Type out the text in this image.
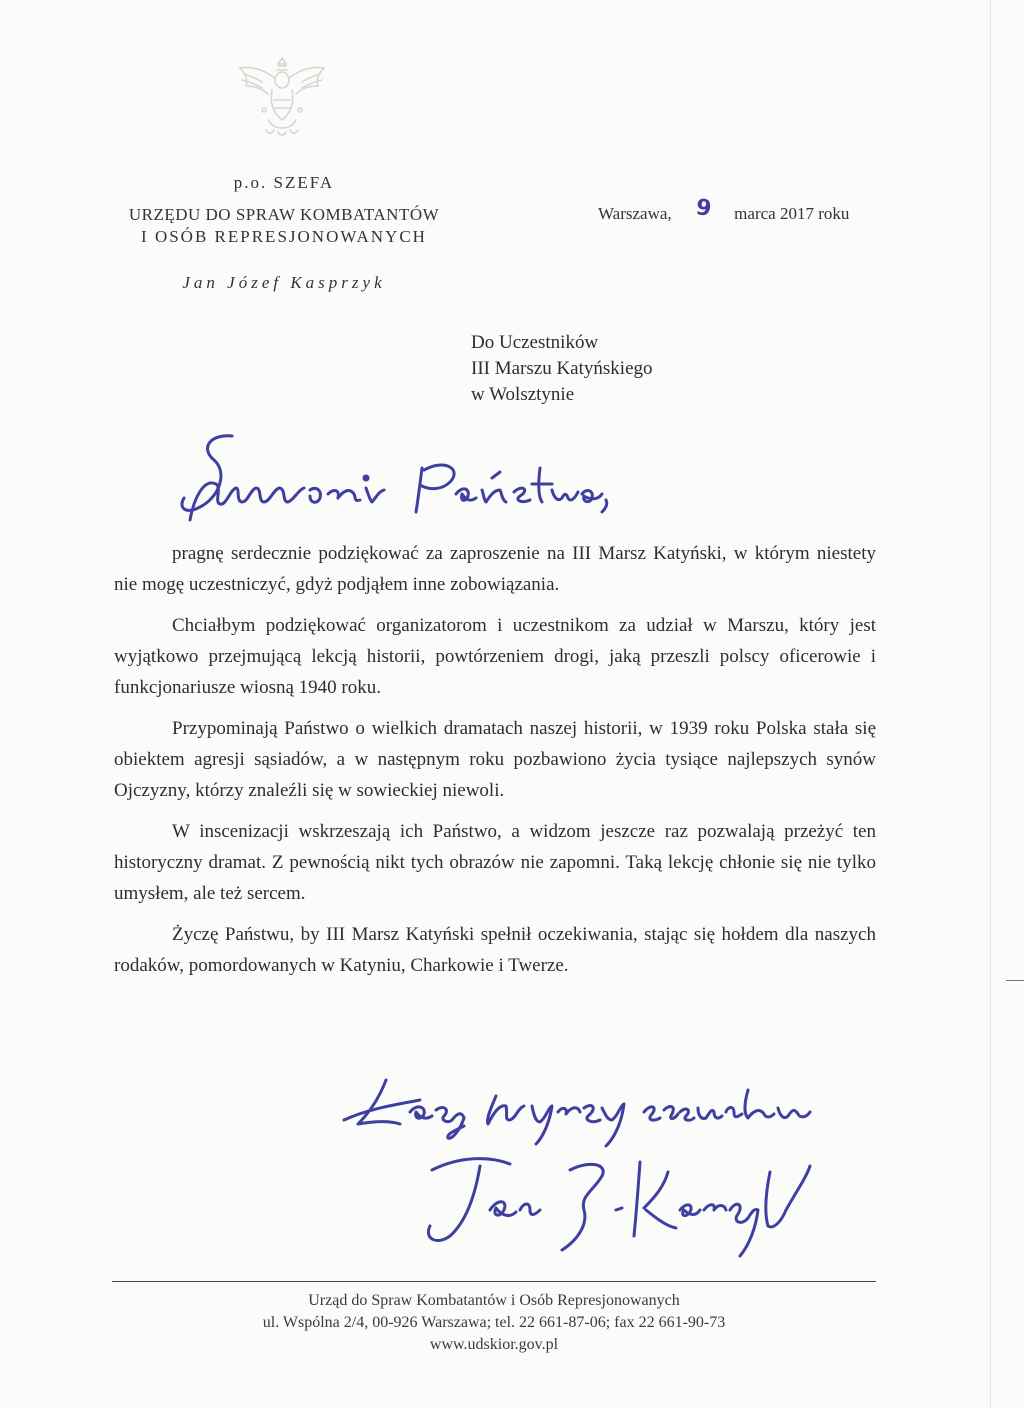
p.o. SZEFA
URZĘDU DO SPRAW KOMBATANTÓW
I OSÓB REPRESJONOWANYCH
Jan Józef Kasprzyk
Warszawa, 9 marca 2017 roku
Do Uczestników
III Marszu Katyńskiego
w Wolsztynie

pragnę serdecznie podziękować za zaproszenie na III Marsz Katyński, w którym niestety nie mogę uczestniczyć, gdyż podjąłem inne zobowiązania.

Chciałbym podziękować organizatorom i uczestnikom za udział w Marszu, który jest wyjątkowo przejmującą lekcją historii, powtórzeniem drogi, jaką przeszli polscy oficerowie i funkcjonariusze wiosną 1940 roku.

Przypominają Państwo o wielkich dramatach naszej historii, w 1939 roku Polska stała się obiektem agresji sąsiadów, a w następnym roku pozbawiono życia tysiące najlepszych synów Ojczyzny, którzy znaleźli się w sowieckiej niewoli.

W inscenizacji wskrzeszają ich Państwo, a widzom jeszcze raz pozwalają przeżyć ten historyczny dramat. Z pewnością nikt tych obrazów nie zapomni. Taką lekcję chłonie się nie tylko umysłem, ale też sercem.

Życzę Państwu, by III Marsz Katyński spełnił oczekiwania, stając się hołdem dla naszych rodaków, pomordowanych w Katyniu, Charkowie i Twerze.

Urząd do Spraw Kombatantów i Osób Represjonowanych
ul. Wspólna 2/4, 00-926 Warszawa; tel. 22 661-87-06; fax 22 661-90-73
www.udskior.gov.pl
